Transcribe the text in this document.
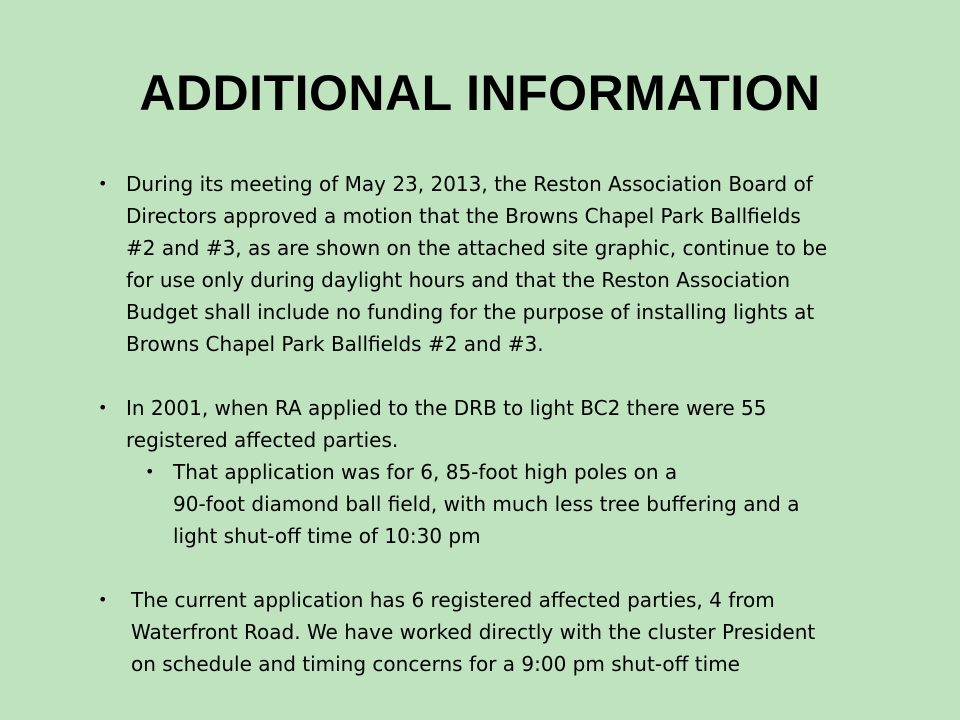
ADDITIONAL INFORMATION
• During its meeting of May 23, 2013, the Reston Association Board of
Directors approved a motion that the Browns Chapel Park Ballfields
#2 and #3, as are shown on the attached site graphic, continue to be
for use only during daylight hours and that the Reston Association
Budget shall include no funding for the purpose of installing lights at
Browns Chapel Park Ballfields #2 and #3.
• In 2001, when RA applied to the DRB to light BC2 there were 55
registered affected parties.
• That application was for 6, 85-foot high poles on a
90-foot diamond ball field, with much less tree buffering and a
light shut-off time of 10:30 pm
• The current application has 6 registered affected parties, 4 from
Waterfront Road. We have worked directly with the cluster President
on schedule and timing concerns for a 9:00 pm shut-off time
